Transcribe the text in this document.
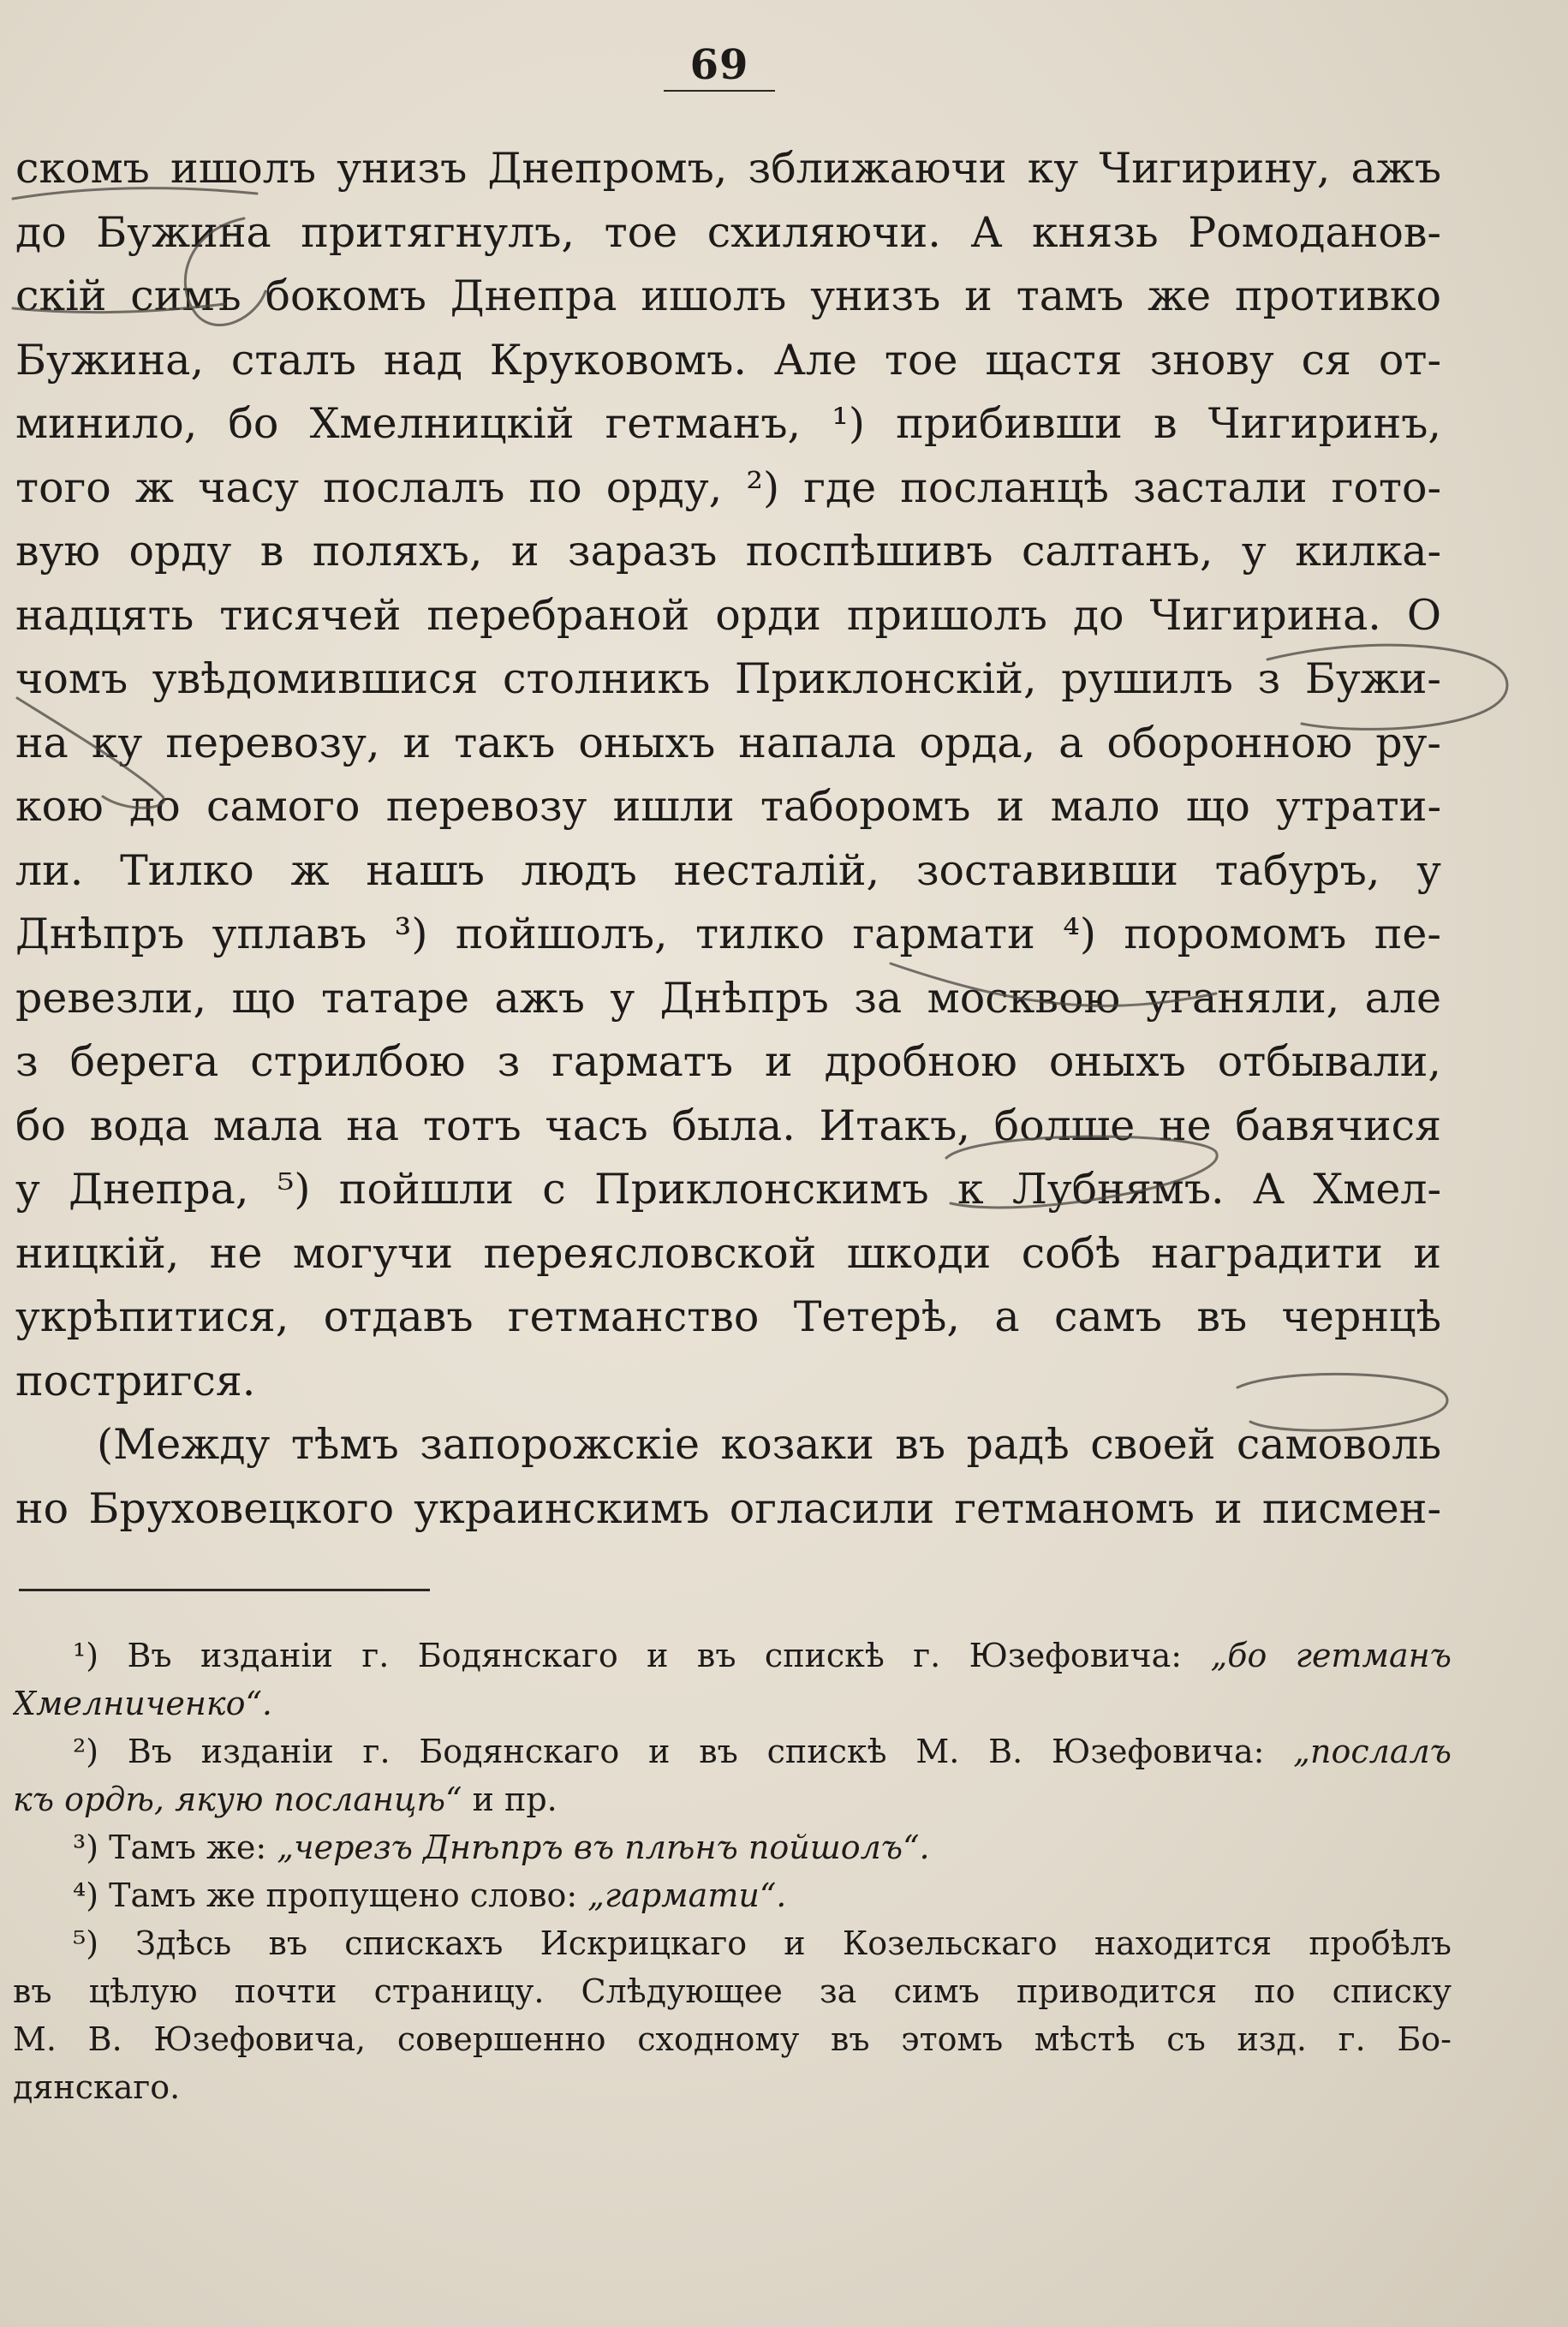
69
скомъ ишолъ унизъ Днепромъ, зближаючи ку Чигирину, ажъ
до Бужина притягнулъ, тое схиляючи. А князь Ромоданов-
скій симъ бокомъ Днепра ишолъ унизъ и тамъ же противко
Бужина, сталъ над Круковомъ. Але тое щастя знову ся от-
минило, бо Хмелницкій гетманъ, ¹) прибивши в Чигиринъ,
того ж часу послалъ по орду, ²) где посланцѣ застали гото-
вую орду в поляхъ, и заразъ поспѣшивъ салтанъ, у килка-
надцять тисячей перебраной орди пришолъ до Чигирина. О
чомъ увѣдомившися столникъ Приклонскій, рушилъ з Бужи-
на ку перевозу, и такъ оныхъ напала орда, а оборонною ру-
кою до самого перевозу ишли таборомъ и мало що утрати-
ли. Тилко ж нашъ людъ несталій, зоставивши табуръ, у
Днѣпръ уплавъ ³) пойшолъ, тилко гармати ⁴) поромомъ пе-
ревезли, що татаре ажъ у Днѣпръ за москвою уганяли, але
з берега стрилбою з гарматъ и дробною оныхъ отбывали,
бо вода мала на тотъ часъ была. Итакъ, болше не бавячися
у Днепра, ⁵) пойшли с Приклонскимъ к Лубнямъ. А Хмел-
ницкій, не могучи переясловской шкоди собѣ наградити и
укрѣпитися, отдавъ гетманство Тетерѣ, а самъ въ чернцѣ
постригся.
(Между тѣмъ запорожскіе козаки въ радѣ своей самоволь
но Бруховецкого украинскимъ огласили гетманомъ и писмен-
¹) Въ изданіи г. Бодянскаго и въ спискѣ г. Юзефовича: „бо гетманъ
Хмелниченко“.
²) Въ изданіи г. Бодянскаго и въ спискѣ М. В. Юзефовича: „послалъ
къ ордѣ, якую посланцѣ“ и пр.
³) Тамъ же: „черезъ Днѣпръ въ плѣнъ пойшолъ“.
⁴) Тамъ же пропущено слово: „гармати“.
⁵) Здѣсь въ спискахъ Искрицкаго и Козельскаго находится пробѣлъ
въ цѣлую почти страницу. Слѣдующее за симъ приводится по списку
М. В. Юзефовича, совершенно сходному въ этомъ мѣстѣ съ изд. г. Бо-
дянскаго.
